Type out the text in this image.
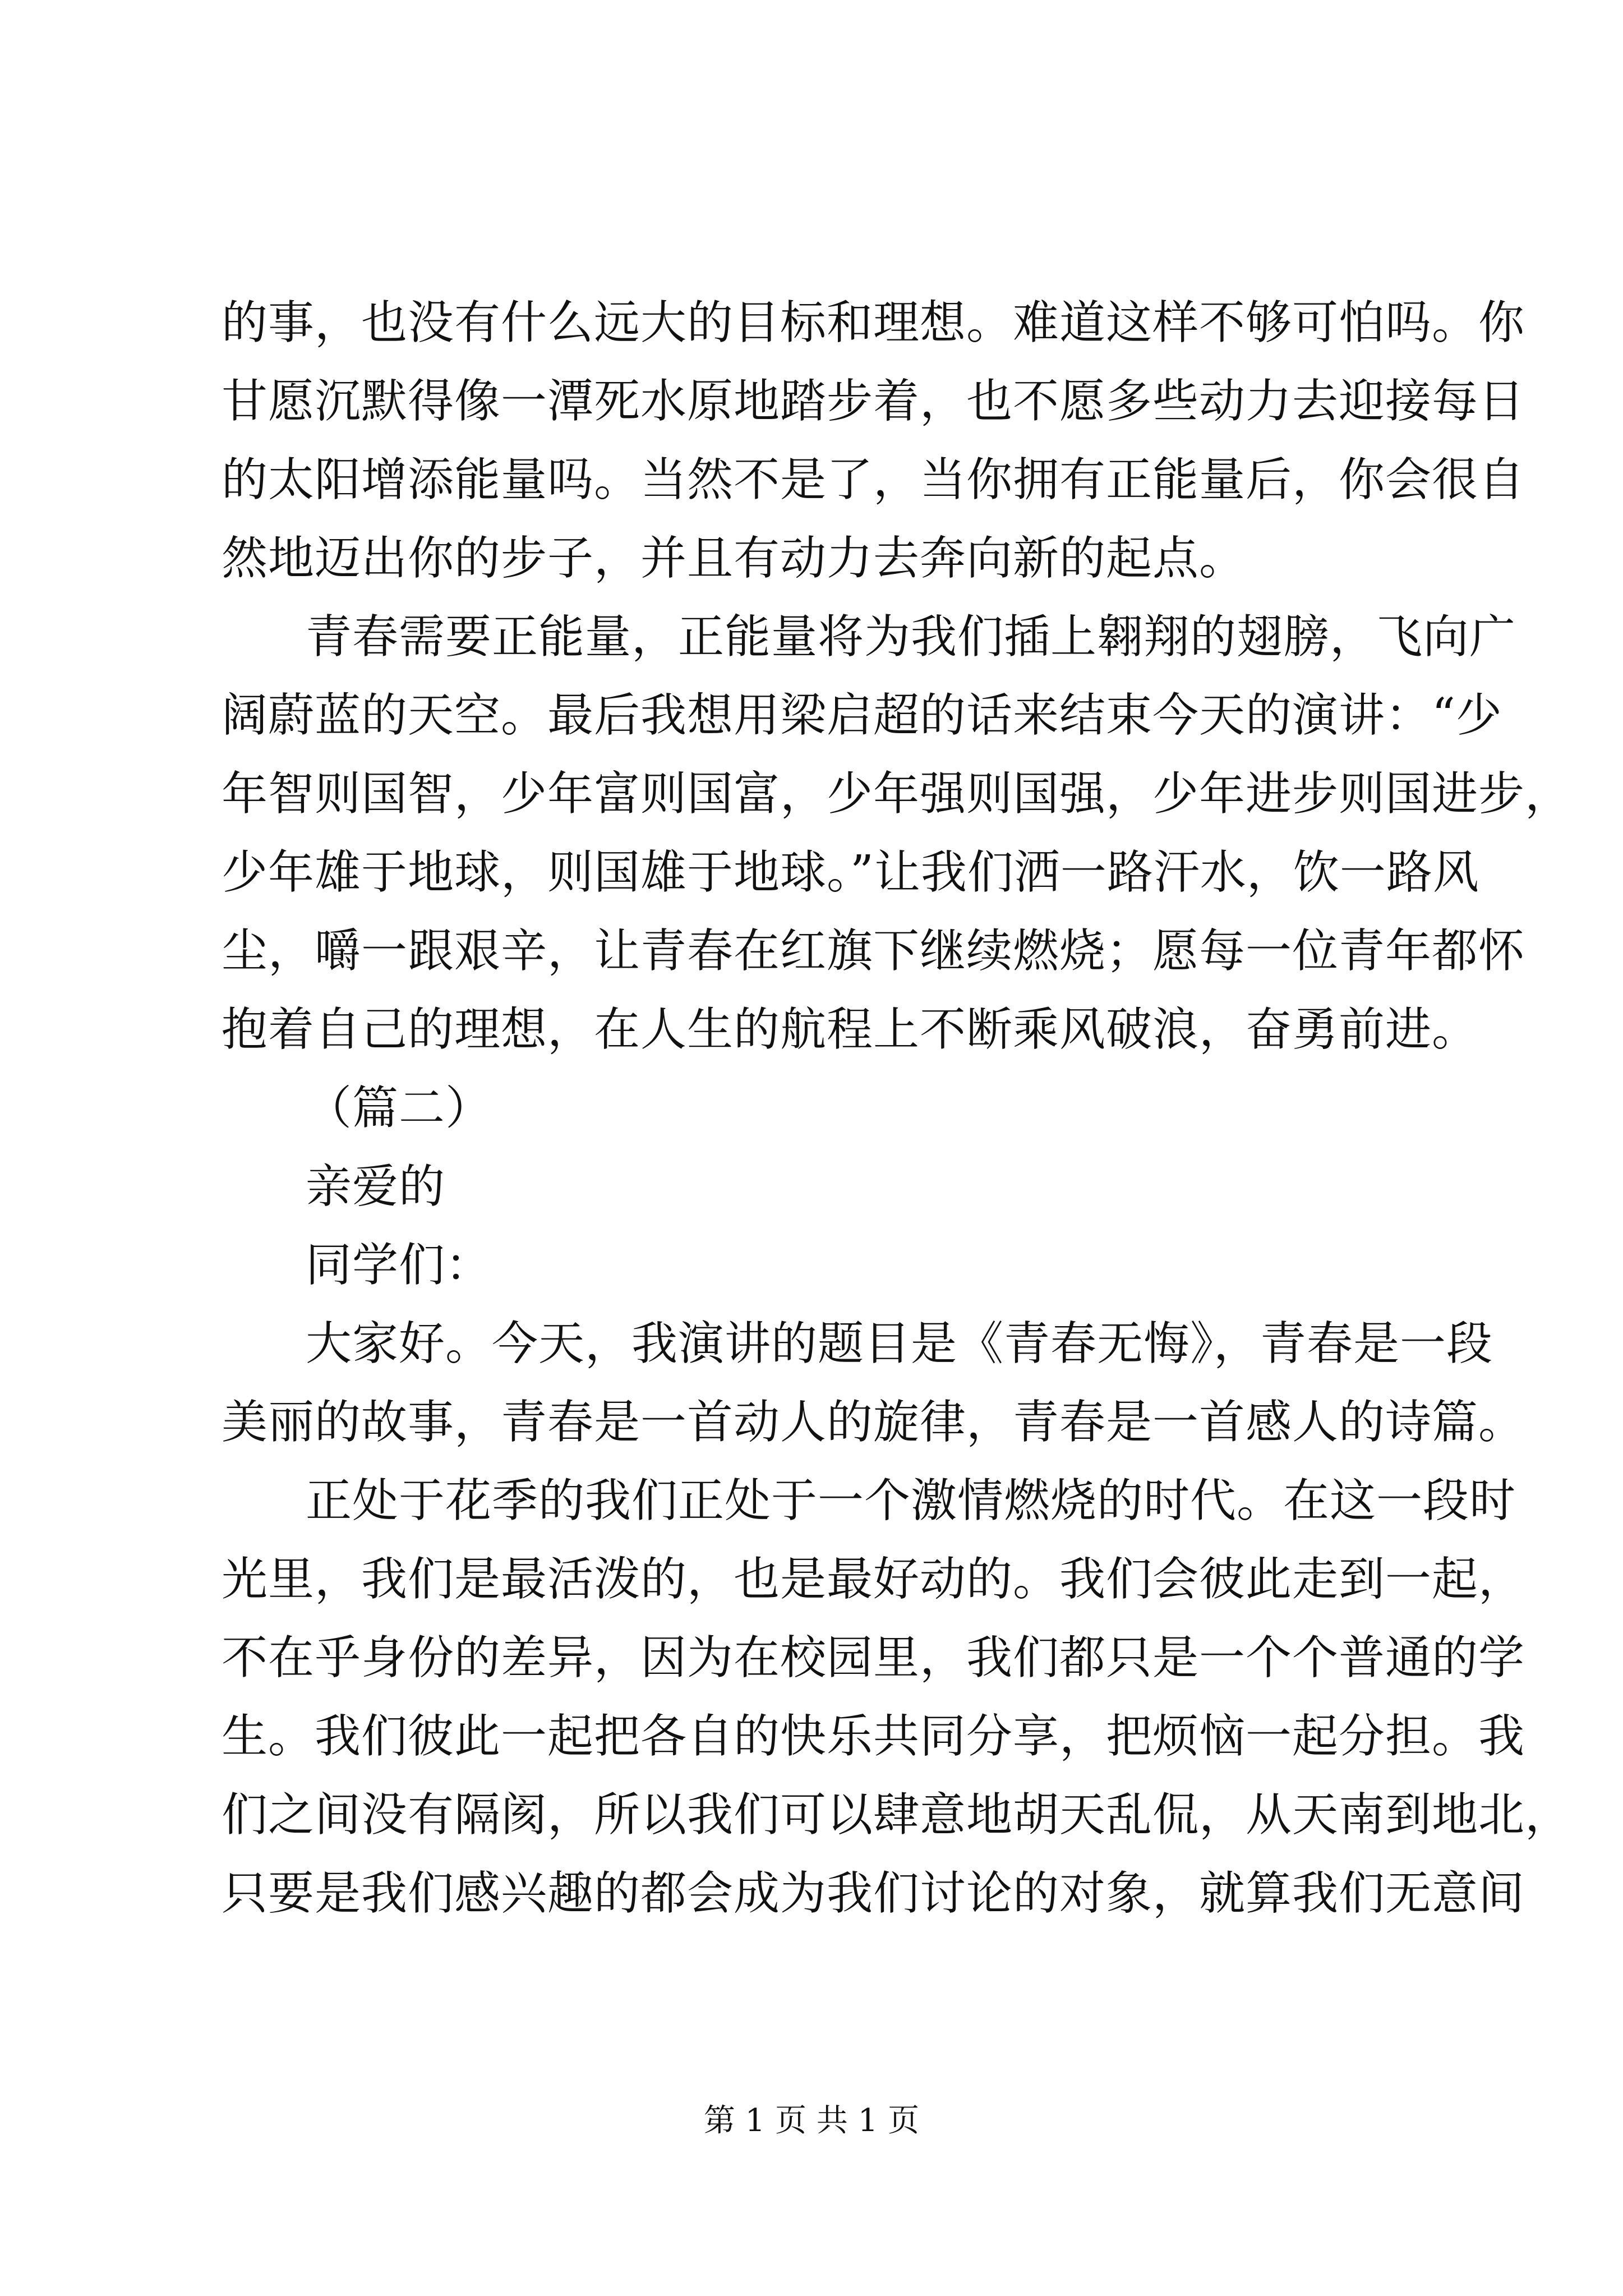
的事，也没有什么远大的目标和理想。难道这样不够可怕吗。你
甘愿沉默得像一潭死水原地踏步着，也不愿多些动力去迎接每日
的太阳增添能量吗。当然不是了，当你拥有正能量后，你会很自
然地迈出你的步子，并且有动力去奔向新的起点。
青春需要正能量，正能量将为我们插上翱翔的翅膀，飞向广
阔蔚蓝的天空。最后我想用梁启超的话来结束今天的演讲：“少
年智则国智，少年富则国富，少年强则国强，少年进步则国进步，
少年雄于地球，则国雄于地球。”让我们洒一路汗水，饮一路风
尘，嚼一跟艰辛，让青春在红旗下继续燃烧；愿每一位青年都怀
抱着自己的理想，在人生的航程上不断乘风破浪，奋勇前进。
（篇二）
亲爱的
同学们：
大家好。今天，我演讲的题目是《青春无悔》，青春是一段
美丽的故事，青春是一首动人的旋律，青春是一首感人的诗篇。
正处于花季的我们正处于一个激情燃烧的时代。在这一段时
光里，我们是最活泼的，也是最好动的。我们会彼此走到一起，
不在乎身份的差异，因为在校园里，我们都只是一个个普通的学
生。我们彼此一起把各自的快乐共同分享，把烦恼一起分担。我
们之间没有隔阂，所以我们可以肆意地胡天乱侃，从天南到地北，
只要是我们感兴趣的都会成为我们讨论的对象，就算我们无意间
第 1 页 共 1 页
